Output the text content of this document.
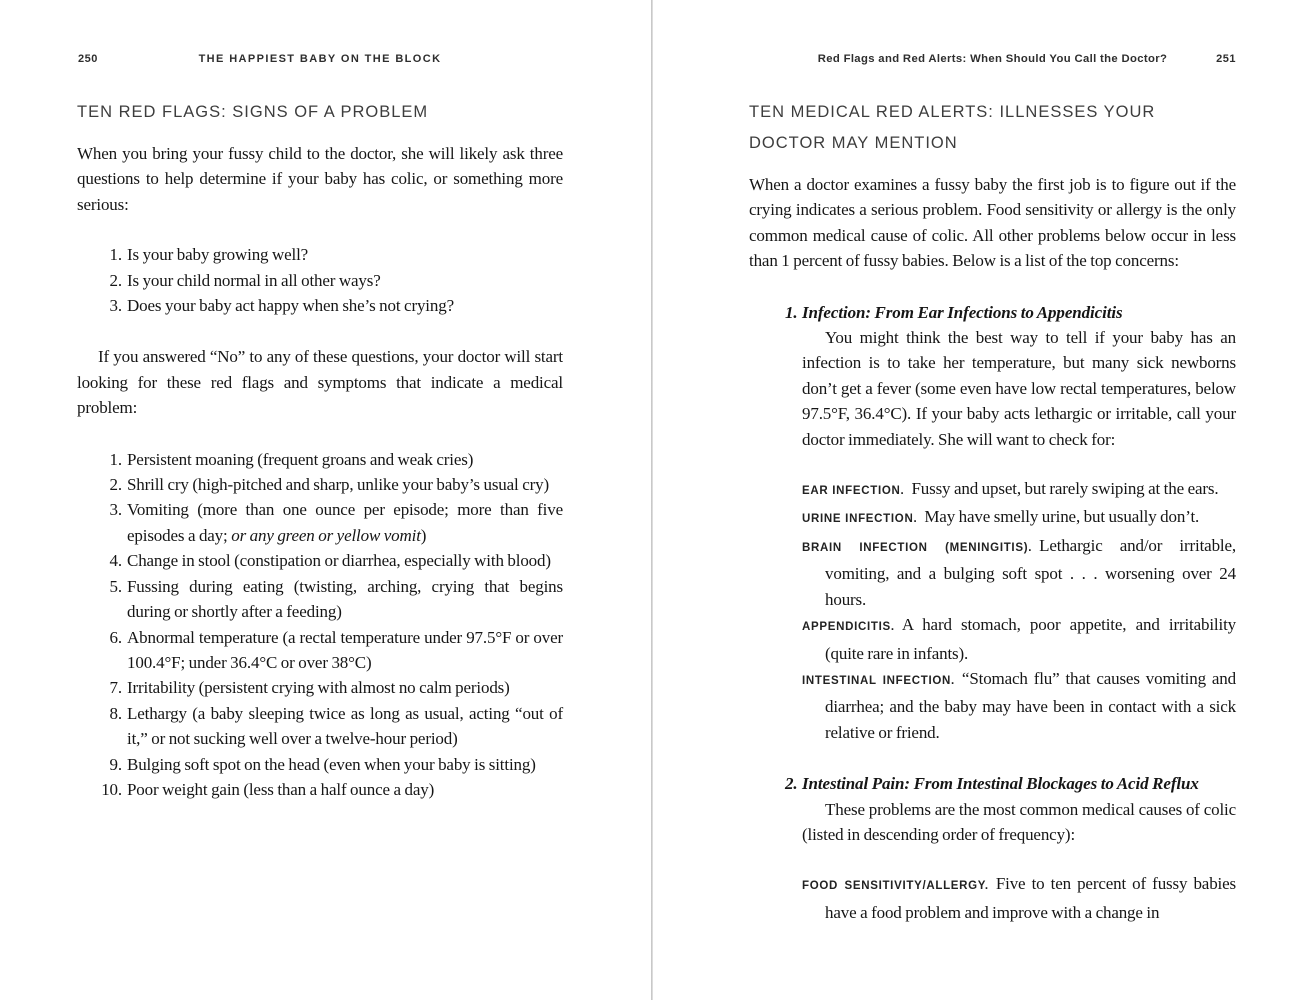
250	THE HAPPIEST BABY ON THE BLOCK
TEN RED FLAGS: SIGNS OF A PROBLEM

When you bring your fussy child to the doctor, she will likely ask three questions to help determine if your baby has colic, or something more serious:

1. Is your baby growing well?
2. Is your child normal in all other ways?
3. Does your baby act happy when she’s not crying?

If you answered “No” to any of these questions, your doctor will start looking for these red flags and symptoms that indicate a medical problem:

1. Persistent moaning (frequent groans and weak cries)
2. Shrill cry (high-pitched and sharp, unlike your baby’s usual cry)
3. Vomiting (more than one ounce per episode; more than five episodes a day; or any green or yellow vomit)
4. Change in stool (constipation or diarrhea, especially with blood)
5. Fussing during eating (twisting, arching, crying that begins during or shortly after a feeding)
6. Abnormal temperature (a rectal temperature under 97.5°F or over 100.4°F; under 36.4°C or over 38°C)
7. Irritability (persistent crying with almost no calm periods)
8. Lethargy (a baby sleeping twice as long as usual, acting “out of it,” or not sucking well over a twelve-hour period)
9. Bulging soft spot on the head (even when your baby is sitting)
10. Poor weight gain (less than a half ounce a day)
Red Flags and Red Alerts: When Should You Call the Doctor?	251
TEN MEDICAL RED ALERTS: ILLNESSES YOUR DOCTOR MAY MENTION

When a doctor examines a fussy baby the first job is to figure out if the crying indicates a serious problem. Food sensitivity or allergy is the only common medical cause of colic. All other problems below occur in less than 1 percent of fussy babies. Below is a list of the top concerns:

1. Infection: From Ear Infections to Appendicitis

You might think the best way to tell if your baby has an infection is to take her temperature, but many sick newborns don’t get a fever (some even have low rectal temperatures, below 97.5°F, 36.4°C). If your baby acts lethargic or irritable, call your doctor immediately. She will want to check for:

EAR INFECTION. Fussy and upset, but rarely swiping at the ears.

URINE INFECTION. May have smelly urine, but usually don’t.

BRAIN INFECTION (MENINGITIS). Lethargic and/or irritable, vomiting, and a bulging soft spot . . . worsening over 24 hours.

APPENDICITIS. A hard stomach, poor appetite, and irritability (quite rare in infants).

INTESTINAL INFECTION. “Stomach flu” that causes vomiting and diarrhea; and the baby may have been in contact with a sick relative or friend.

2. Intestinal Pain: From Intestinal Blockages to Acid Reflux

These problems are the most common medical causes of colic (listed in descending order of frequency):

FOOD SENSITIVITY/ALLERGY. Five to ten percent of fussy babies have a food problem and improve with a change in
